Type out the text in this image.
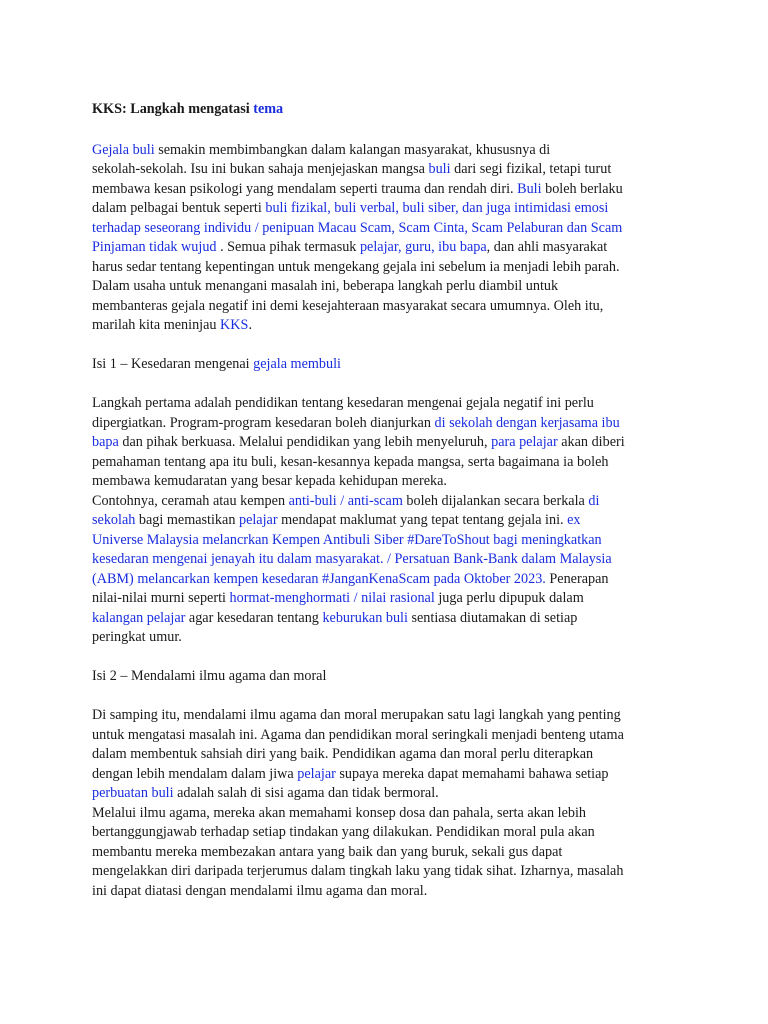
KKS: Langkah mengatasi tema

Gejala buli semakin membimbangkan dalam kalangan masyarakat, khususnya di

sekolah-sekolah. Isu ini bukan sahaja menjejaskan mangsa buli dari segi fizikal, tetapi turut

membawa kesan psikologi yang mendalam seperti trauma dan rendah diri. Buli boleh berlaku

dalam pelbagai bentuk seperti buli fizikal, buli verbal, buli siber, dan juga intimidasi emosi

terhadap seseorang individu / penipuan Macau Scam, Scam Cinta, Scam Pelaburan dan Scam

Pinjaman tidak wujud . Semua pihak termasuk pelajar, guru, ibu bapa, dan ahli masyarakat

harus sedar tentang kepentingan untuk mengekang gejala ini sebelum ia menjadi lebih parah.

Dalam usaha untuk menangani masalah ini, beberapa langkah perlu diambil untuk

membanteras gejala negatif ini demi kesejahteraan masyarakat secara umumnya. Oleh itu,

marilah kita meninjau KKS.

Isi 1 – Kesedaran mengenai gejala membuli

Langkah pertama adalah pendidikan tentang kesedaran mengenai gejala negatif ini perlu

dipergiatkan. Program-program kesedaran boleh dianjurkan di sekolah dengan kerjasama ibu

bapa dan pihak berkuasa. Melalui pendidikan yang lebih menyeluruh, para pelajar akan diberi

pemahaman tentang apa itu buli, kesan-kesannya kepada mangsa, serta bagaimana ia boleh

membawa kemudaratan yang besar kepada kehidupan mereka.

Contohnya, ceramah atau kempen anti-buli / anti-scam boleh dijalankan secara berkala di

sekolah bagi memastikan pelajar mendapat maklumat yang tepat tentang gejala ini. ex

Universe Malaysia melancrkan Kempen Antibuli Siber #DareToShout bagi meningkatkan

kesedaran mengenai jenayah itu dalam masyarakat. / Persatuan Bank-Bank dalam Malaysia

(ABM) melancarkan kempen kesedaran #JanganKenaScam pada Oktober 2023. Penerapan

nilai-nilai murni seperti hormat-menghormati / nilai rasional juga perlu dipupuk dalam

kalangan pelajar agar kesedaran tentang keburukan buli sentiasa diutamakan di setiap

peringkat umur.

Isi 2 – Mendalami ilmu agama dan moral

Di samping itu, mendalami ilmu agama dan moral merupakan satu lagi langkah yang penting

untuk mengatasi masalah ini. Agama dan pendidikan moral seringkali menjadi benteng utama

dalam membentuk sahsiah diri yang baik. Pendidikan agama dan moral perlu diterapkan

dengan lebih mendalam dalam jiwa pelajar supaya mereka dapat memahami bahawa setiap

perbuatan buli adalah salah di sisi agama dan tidak bermoral.

Melalui ilmu agama, mereka akan memahami konsep dosa dan pahala, serta akan lebih

bertanggungjawab terhadap setiap tindakan yang dilakukan. Pendidikan moral pula akan

membantu mereka membezakan antara yang baik dan yang buruk, sekali gus dapat

mengelakkan diri daripada terjerumus dalam tingkah laku yang tidak sihat. Izharnya, masalah

ini dapat diatasi dengan mendalami ilmu agama dan moral.
